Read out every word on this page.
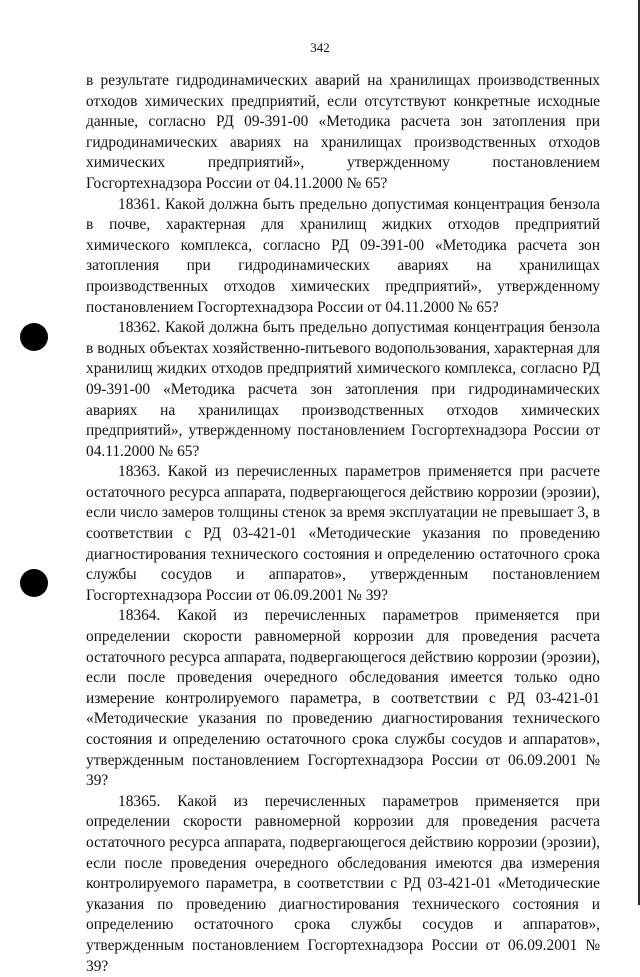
342

в результате гидродинамических аварий на хранилищах производственных отходов химических предприятий, если отсутствуют конкретные исходные данные, согласно РД 09-391-00 «Методика расчета зон затопления при гидродинамических авариях на хранилищах производственных отходов химических предприятий», утвержденному постановлением Госгортехнадзора России от 04.11.2000 № 65?

18361. Какой должна быть предельно допустимая концентрация бензола в почве, характерная для хранилищ жидких отходов предприятий химического комплекса, согласно РД 09-391-00 «Методика расчета зон затопления при гидродинамических авариях на хранилищах производственных отходов химических предприятий», утвержденному постановлением Госгортехнадзора России от 04.11.2000 № 65?

18362. Какой должна быть предельно допустимая концентрация бензола в водных объектах хозяйственно-питьевого водопользования, характерная для хранилищ жидких отходов предприятий химического комплекса, согласно РД 09-391-00 «Методика расчета зон затопления при гидродинамических авариях на хранилищах производственных отходов химических предприятий», утвержденному постановлением Госгортехнадзора России от 04.11.2000 № 65?

18363. Какой из перечисленных параметров применяется при расчете остаточного ресурса аппарата, подвергающегося действию коррозии (эрозии), если число замеров толщины стенок за время эксплуатации не превышает 3, в соответствии с РД 03-421-01 «Методические указания по проведению диагностирования технического состояния и определению остаточного срока службы сосудов и аппаратов», утвержденным постановлением Госгортехнадзора России от 06.09.2001 № 39?

18364. Какой из перечисленных параметров применяется при определении скорости равномерной коррозии для проведения расчета остаточного ресурса аппарата, подвергающегося действию коррозии (эрозии), если после проведения очередного обследования имеется только одно измерение контролируемого параметра, в соответствии с РД 03-421-01 «Методические указания по проведению диагностирования технического состояния и определению остаточного срока службы сосудов и аппаратов», утвержденным постановлением Госгортехнадзора России от 06.09.2001 № 39?

18365. Какой из перечисленных параметров применяется при определении скорости равномерной коррозии для проведения расчета остаточного ресурса аппарата, подвергающегося действию коррозии (эрозии), если после проведения очередного обследования имеются два измерения контролируемого параметра, в соответствии с РД 03-421-01 «Методические указания по проведению диагностирования технического состояния и определению остаточного срока службы сосудов и аппаратов», утвержденным постановлением Госгортехнадзора России от 06.09.2001 № 39?
